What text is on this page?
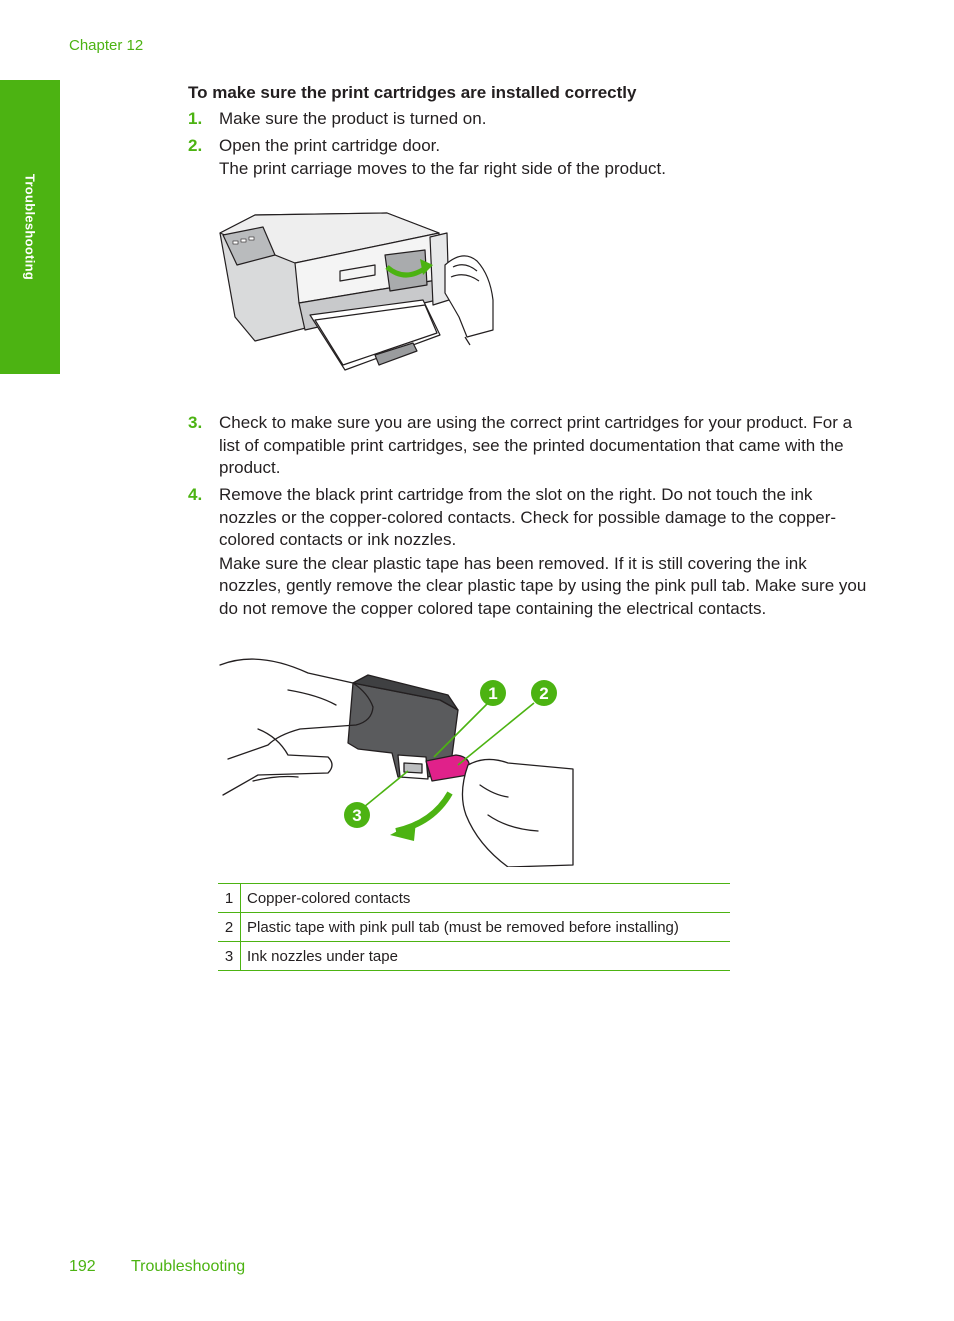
Chapter 12
Troubleshooting
To make sure the print cartridges are installed correctly
1. Make sure the product is turned on.

2. Open the print cartridge door.

The print carriage moves to the far right side of the product.

3. Check to make sure you are using the correct print cartridges for your product. For a list of compatible print cartridges, see the printed documentation that came with the product.

4. Remove the black print cartridge from the slot on the right. Do not touch the ink nozzles or the copper-colored contacts. Check for possible damage to the copper-colored contacts or ink nozzles.

Make sure the clear plastic tape has been removed. If it is still covering the ink nozzles, gently remove the clear plastic tape by using the pink pull tab. Make sure you do not remove the copper colored tape containing the electrical contacts.

1 2
3
1	Copper-colored contacts
2	Plastic tape with pink pull tab (must be removed before installing)
3	Ink nozzles under tape
192 Troubleshooting
